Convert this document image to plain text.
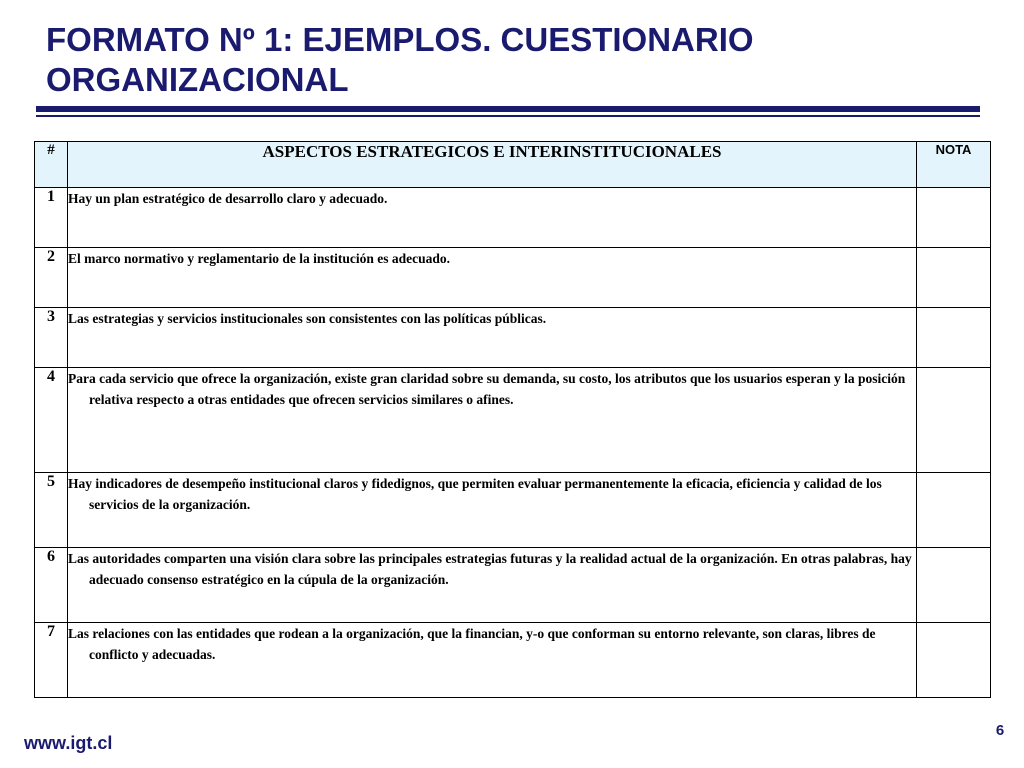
FORMATO Nº 1: EJEMPLOS. CUESTIONARIO ORGANIZACIONAL
#	ASPECTOS ESTRATEGICOS E INTERINSTITUCIONALES	NOTA
1	Hay un plan estratégico de desarrollo claro y adecuado.	

2	El marco normativo y reglamentario de la institución es adecuado.	

3	Las estrategias y servicios institucionales son consistentes con las políticas públicas.	

4	Para cada servicio que ofrece la organización, existe gran claridad sobre su demanda, su costo, los atributos que los usuarios esperan y la posición relativa respecto a otras entidades que ofrecen servicios similares o afines.	

5	Hay indicadores de desempeño institucional claros y fidedignos, que permiten evaluar permanentemente la eficacia, eficiencia y calidad de los servicios de la organización.	

6	Las autoridades comparten una visión clara sobre las principales estrategias futuras y la realidad actual de la organización. En otras palabras, hay adecuado consenso estratégico en la cúpula de la organización.	

7	Las relaciones con las entidades que rodean a la organización, que la financian, y-o que conforman su entorno relevante, son claras, libres de conflicto y adecuadas.	

www.igt.cl
6
